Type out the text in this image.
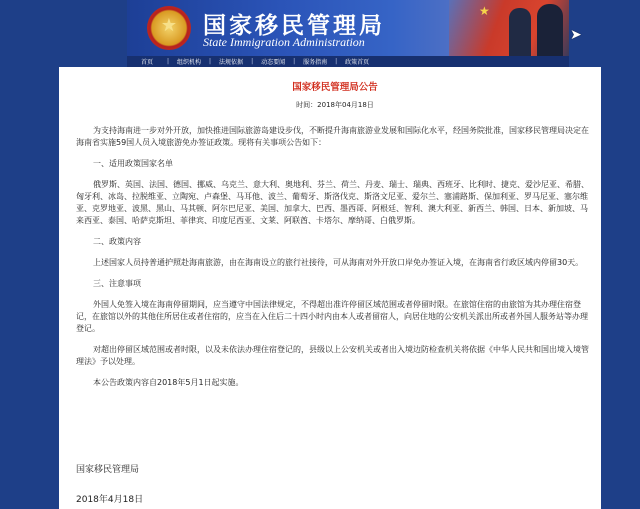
★	国家移民管理局
State Immigration Administration
★
首页	|	组织机构	|	法规依据	|	动态要闻	|	服务指南	|	政策首页
➤
国家移民管理局公告
时间：2018年04月18日
为支持海南进一步对外开放，加快推进国际旅游岛建设步伐，不断提升海南旅游业发展和国际化水平，经国务院批准，国家移民管理局决定在海南省实施59国人员入境旅游免办签证政策。现将有关事项公告如下：
一、适用政策国家名单
俄罗斯、英国、法国、德国、挪威、乌克兰、意大利、奥地利、芬兰、荷兰、丹麦、瑞士、瑞典、西班牙、比利时、捷克、爱沙尼亚、希腊、匈牙利、冰岛、拉脱维亚、立陶宛、卢森堡、马耳他、波兰、葡萄牙、斯洛伐克、斯洛文尼亚、爱尔兰、塞浦路斯、保加利亚、罗马尼亚、塞尔维亚、克罗地亚、波黑、黑山、马其顿、阿尔巴尼亚、美国、加拿大、巴西、墨西哥、阿根廷、智利、澳大利亚、新西兰、韩国、日本、新加坡、马来西亚、泰国、哈萨克斯坦、菲律宾、印度尼西亚、文莱、阿联酋、卡塔尔、摩纳哥、白俄罗斯。
二、政策内容
上述国家人员持普通护照赴海南旅游，由在海南设立的旅行社接待，可从海南对外开放口岸免办签证入境，在海南省行政区域内停留30天。
三、注意事项
外国人免签入境在海南停留期间，应当遵守中国法律规定，不得超出准许停留区域范围或者停留时限。在旅馆住宿的由旅馆为其办理住宿登记，在旅馆以外的其他住所居住或者住宿的，应当在入住后二十四小时内由本人或者留宿人，向居住地的公安机关派出所或者外国人服务站等办理登记。
对超出停留区域范围或者时限，以及未依法办理住宿登记的，县级以上公安机关或者出入境边防检查机关将依据《中华人民共和国出境入境管理法》予以处理。
本公告政策内容自2018年5月1日起实施。
国家移民管理局
2018年4月18日
